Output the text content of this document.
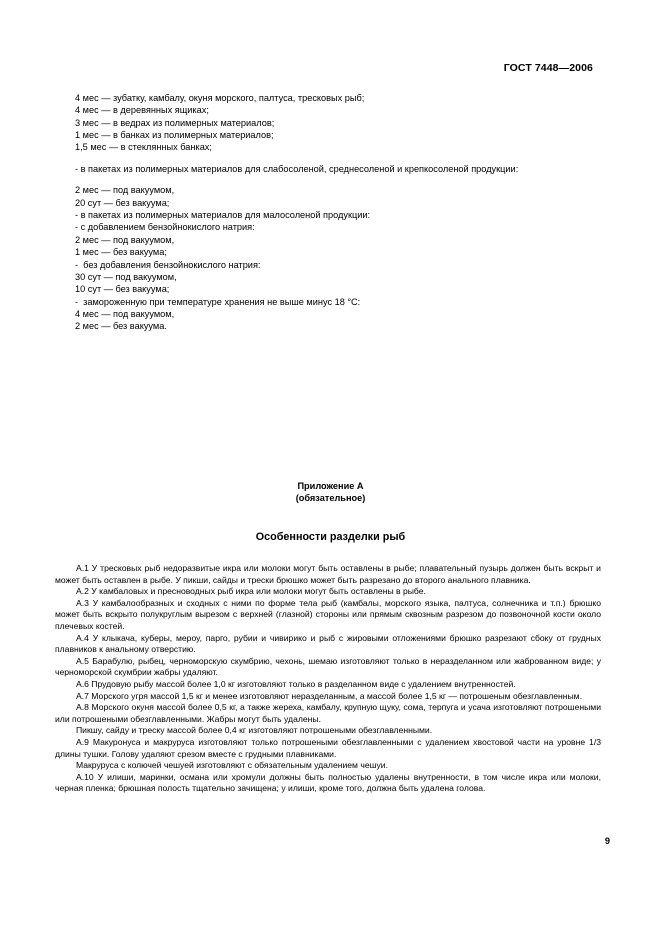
ГОСТ 7448—2006

4 мес — зубатку, камбалу, окуня морского, палтуса, тресковых рыб;

4 мес — в деревянных ящиках;

3 мес — в ведрах из полимерных материалов;

1 мес — в банках из полимерных материалов;

1,5 мес — в стеклянных банках;

- в пакетах из полимерных материалов для слабосоленой, среднесоленой и крепкосоленой продукции:

2 мес — под вакуумом,

20 сут — без вакуума;

- в пакетах из полимерных материалов для малосоленой продукции:

- с добавлением бензойнокислого натрия:

2 мес — под вакуумом,

1 мес — без вакуума;

-  без добавления бензойнокислого натрия:

30 сут — под вакуумом,

10 сут — без вакуума;

-  замороженную при температуре хранения не выше минус 18 °С:

4 мес — под вакуумом,

2 мес — без вакуума.

Приложение А
(обязательное)
Особенности разделки рыб

А.1 У тресковых рыб недоразвитые икра или молоки могут быть оставлены в рыбе; плавательный пузырь должен быть вскрыт и может быть оставлен в рыбе. У пикши, сайды и трески брюшко может быть разрезано до второго анального плавника.

А.2 У камбаловых и пресноводных рыб икра или молоки могут быть оставлены в рыбе.

А.3 У камбалообразных и сходных с ними по форме тела рыб (камбалы, морского языка, палтуса, солнечника и т.п.) брюшко может быть вскрыто полукруглым вырезом с верхней (глазной) стороны или прямым сквозным разрезом до позвоночной кости около плечевых костей.

А.4 У клыкача, куберы, мероу, парго, рубии и чивирико и рыб с жировыми отложениями брюшко разрезают сбоку от грудных плавников к анальному отверстию.

А.5 Барабулю, рыбец, черноморскую скумбрию, чехонь, шемаю изготовляют только в неразделанном или жаброванном виде; у черноморской скумбрии жабры удаляют.

А.6 Прудовую рыбу массой более 1,0 кг изготовляют только в разделанном виде с удалением внутренностей.

А.7 Морского угря массой 1,5 кг и менее изготовляют неразделанным, а массой более 1,5 кг — потрошеным обезглавленным.

А.8 Морского окуня массой более 0,5 кг, а также жереха, камбалу, крупную щуку, сома, терпуга и усача изготовляют потрошеными или потрошеными обезглавленными. Жабры могут быть удалены.

Пикшу, сайду и треску массой более 0,4 кг изготовляют потрошеными обезглавленными.

А.9 Макуронуса и макруруса изготовляют только потрошеными обезглавленными с удалением хвостовой части на уровне 1/3 длины тушки. Голову удаляют срезом вместе с грудными плавниками.

Макруруса с колючей чешуей изготовляют с обязательным удалением чешуи.

А.10 У илиши, маринки, османа или хромули должны быть полностью удалены внутренности, в том числе икра или молоки, черная пленка; брюшная полость тщательно зачищена; у илиши, кроме того, должна быть удалена голова.

9
